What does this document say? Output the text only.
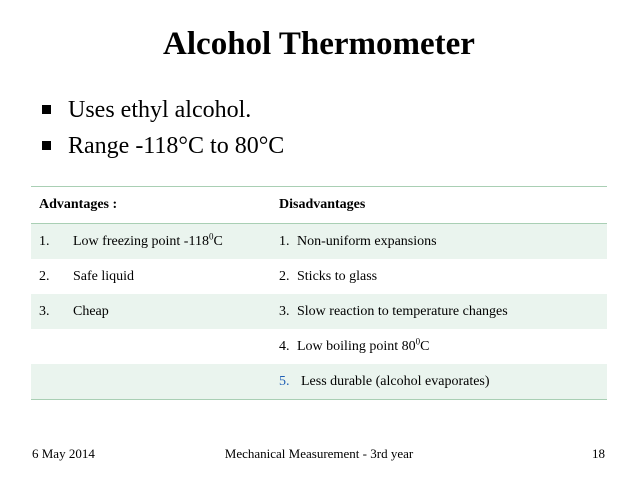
Alcohol Thermometer
Uses ethyl alcohol.
Range -118°C to 80°C
Advantages :	Disadvantages

1. Low freezing point $-118^0C$	1. Non-uniform expansions

2. Safe liquid	2. Sticks to glass

3. Cheap	3. Slow reaction to temperature changes

	4. Low boiling point $80^0C$

	5. Less durable (alcohol evaporates)
6 May 2014	Mechanical Measurement - 3rd year	18
